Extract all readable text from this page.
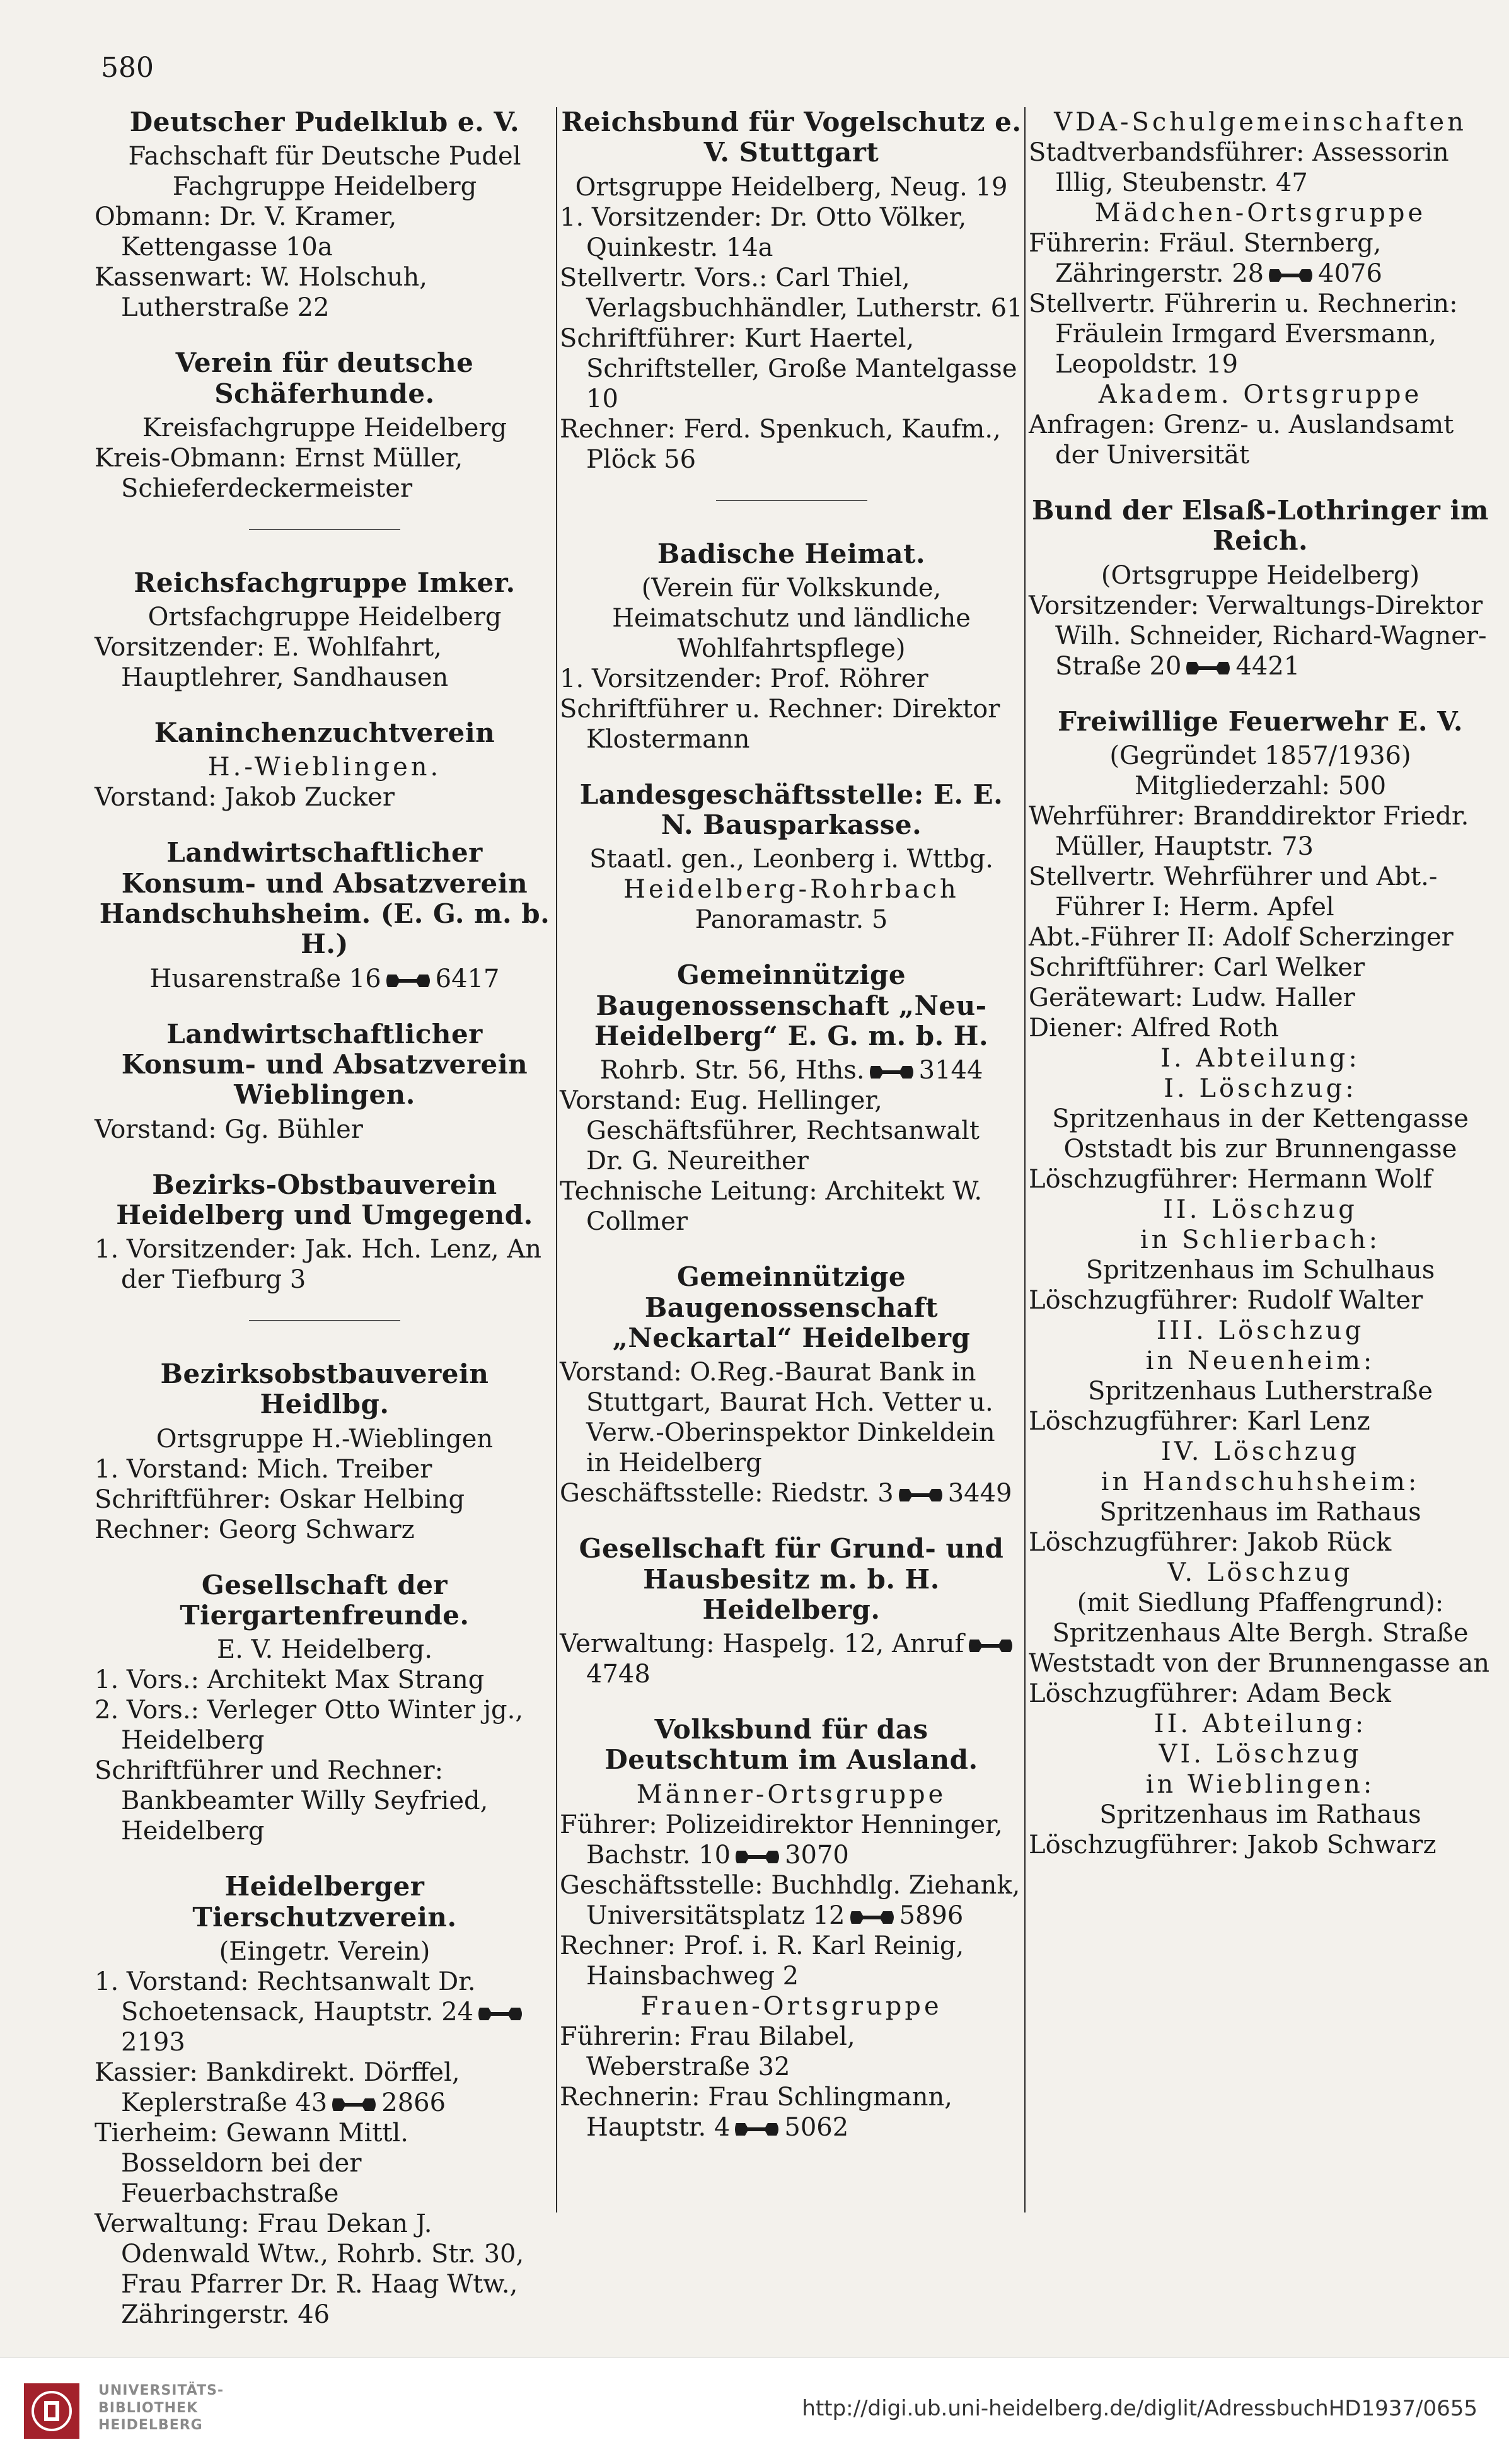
580
Deutscher Pudelklub e. V.
Fachschaft für Deutsche Pudel
Fachgruppe Heidelberg
Obmann: Dr. V. Kramer, Kettengasse 10a
Kassenwart: W. Holschuh, Lutherstraße 22
Verein für deutsche Schäferhunde.
Kreisfachgruppe Heidelberg
Kreis-Obmann: Ernst Müller, Schieferdeckermeister
Reichsfachgruppe Imker.
Ortsfachgruppe Heidelberg
Vorsitzender: E. Wohlfahrt, Hauptlehrer, Sandhausen
Kaninchenzuchtverein
H.-Wieblingen.
Vorstand: Jakob Zucker
Landwirtschaftlicher Konsum- und Absatzverein Handschuhsheim. (E. G. m. b. H.)
Husarenstraße 16 6417
Landwirtschaftlicher Konsum- und Absatzverein Wieblingen.
Vorstand: Gg. Bühler
Bezirks-Obstbauverein Heidelberg und Umgegend.
1. Vorsitzender: Jak. Hch. Lenz, An der Tiefburg 3
Bezirksobstbauverein Heidlbg.
Ortsgruppe H.-Wieblingen
1. Vorstand: Mich. Treiber
Schriftführer: Oskar Helbing
Rechner: Georg Schwarz
Gesellschaft der Tiergartenfreunde.
E. V. Heidelberg.
1. Vors.: Architekt Max Strang
2. Vors.: Verleger Otto Winter jg., Heidelberg
Schriftführer und Rechner: Bankbeamter Willy Seyfried, Heidelberg
Heidelberger Tierschutzverein.
(Eingetr. Verein)
1. Vorstand: Rechtsanwalt Dr. Schoetensack, Hauptstr. 242193
Kassier: Bankdirekt. Dörffel, Keplerstraße 43 2866
Tierheim: Gewann Mittl. Bosseldorn bei der Feuerbachstraße
Verwaltung: Frau Dekan J. Odenwald Wtw., Rohrb. Str. 30, Frau Pfarrer Dr. R. Haag Wtw., Zähringerstr. 46
Reichsbund für Vogelschutz e. V. Stuttgart
Ortsgruppe Heidelberg, Neug. 19
1. Vorsitzender: Dr. Otto Völker, Quinkestr. 14a
Stellvertr. Vors.: Carl Thiel, Verlagsbuchhändler, Lutherstr. 61
Schriftführer: Kurt Haertel, Schriftsteller, Große Mantelgasse 10
Rechner: Ferd. Spenkuch, Kaufm., Plöck 56
Badische Heimat.
(Verein für Volkskunde, Heimatschutz und ländliche Wohlfahrtspflege)
1. Vorsitzender: Prof. Röhrer
Schriftführer u. Rechner: Direktor Klostermann
Landesgeschäftsstelle: E. E. N. Bausparkasse.
Staatl. gen., Leonberg i. Wttbg.
Heidelberg-Rohrbach
Panoramastr. 5
Gemeinnützige Baugenossenschaft „Neu-Heidelberg“ E. G. m. b. H.
Rohrb. Str. 56, Hths. 3144
Vorstand: Eug. Hellinger, Geschäftsführer, Rechtsanwalt Dr. G. Neureither
Technische Leitung: Architekt W. Collmer
Gemeinnützige Baugenossenschaft „Neckartal“ Heidelberg
Vorstand: O.Reg.-Baurat Bank in Stuttgart, Baurat Hch. Vetter u. Verw.-Oberinspektor Dinkeldein in Heidelberg
Geschäftsstelle: Riedstr. 3 3449
Gesellschaft für Grund- und Hausbesitz m. b. H. Heidelberg.
Verwaltung: Haspelg. 12, Anruf4748
Volksbund für das Deutschtum im Ausland.
Männer-Ortsgruppe
Führer: Polizeidirektor Henninger, Bachstr. 10 3070
Geschäftsstelle: Buchhdlg. Ziehank, Universitätsplatz 12 5896
Rechner: Prof. i. R. Karl Reinig, Hainsbachweg 2
Frauen-Ortsgruppe
Führerin: Frau Bilabel, Weberstraße 32
Rechnerin: Frau Schlingmann, Hauptstr. 4 5062
VDA-Schulgemeinschaften
Stadtverbandsführer: Assessorin Illig, Steubenstr. 47
Mädchen-Ortsgruppe
Führerin: Fräul. Sternberg, Zähringerstr. 28 4076
Stellvertr. Führerin u. Rechnerin: Fräulein Irmgard Eversmann, Leopoldstr. 19
Akadem. Ortsgruppe
Anfragen: Grenz- u. Auslandsamt der Universität
Bund der Elsaß-Lothringer im Reich.
(Ortsgruppe Heidelberg)
Vorsitzender: Verwaltungs-Direktor Wilh. Schneider, Richard-Wagner-Straße 20 4421
Freiwillige Feuerwehr E. V.
(Gegründet 1857/1936)
Mitgliederzahl: 500
Wehrführer: Branddirektor Friedr. Müller, Hauptstr. 73
Stellvertr. Wehrführer und Abt.-Führer I: Herm. Apfel
Abt.-Führer II: Adolf Scherzinger
Schriftführer: Carl Welker
Gerätewart: Ludw. Haller
Diener: Alfred Roth
I. Abteilung:
I. Löschzug:
Spritzenhaus in der Kettengasse
Oststadt bis zur Brunnengasse
Löschzugführer: Hermann Wolf
II. Löschzug
in Schlierbach:
Spritzenhaus im Schulhaus
Löschzugführer: Rudolf Walter
III. Löschzug
in Neuenheim:
Spritzenhaus Lutherstraße
Löschzugführer: Karl Lenz
IV. Löschzug
in Handschuhsheim:
Spritzenhaus im Rathaus
Löschzugführer: Jakob Rück
V. Löschzug
(mit Siedlung Pfaffengrund):
Spritzenhaus Alte Bergh. Straße
Weststadt von der Brunnengasse an
Löschzugführer: Adam Beck
II. Abteilung:
VI. Löschzug
in Wieblingen:
Spritzenhaus im Rathaus
Löschzugführer: Jakob Schwarz
UNIVERSITÄTS-
BIBLIOTHEK
HEIDELBERG
http://digi.ub.uni-heidelberg.de/diglit/AdressbuchHD1937/0655
